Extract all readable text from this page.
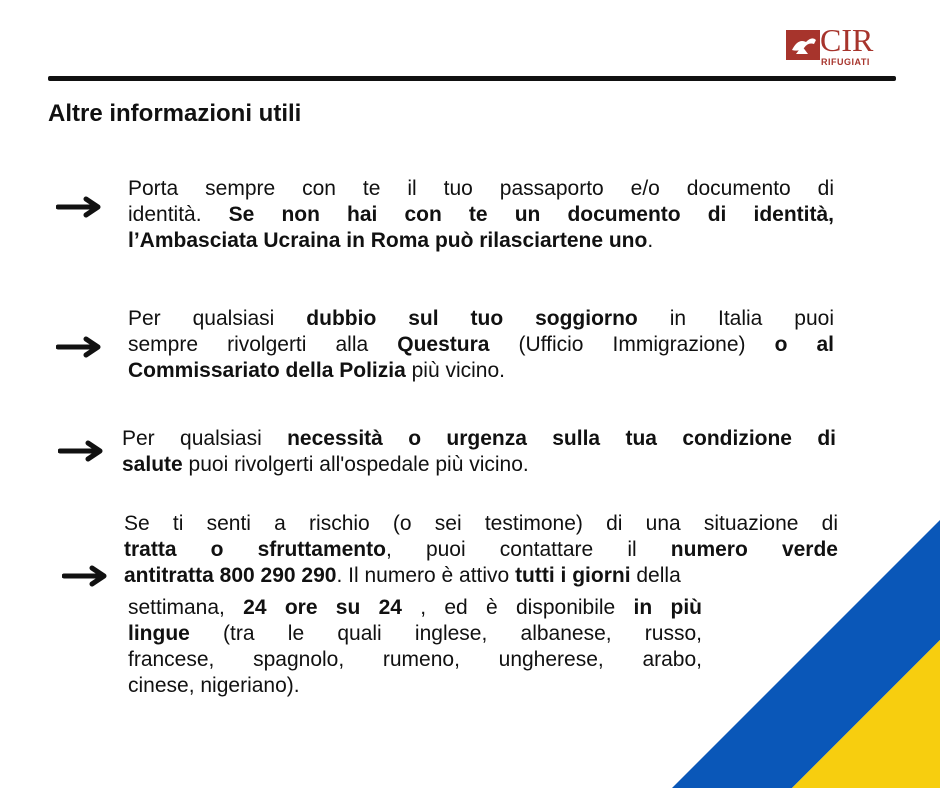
CIR
RIFUGIATI
Altre informazioni utili
Porta sempre con te il tuo passaporto e/o documento di
identità. Se non hai con te un documento di identità,
l’Ambasciata Ucraina in Roma può rilasciartene uno.
Per qualsiasi dubbio sul tuo soggiorno in Italia puoi
sempre rivolgerti alla Questura (Ufficio Immigrazione) o al
Commissariato della Polizia più vicino.
Per qualsiasi necessità o urgenza sulla tua condizione di
salute puoi rivolgerti all'ospedale più vicino.
Se ti senti a rischio (o sei testimone) di una situazione di
tratta o sfruttamento, puoi contattare il numero verde
antitratta 800 290 290. Il numero è attivo tutti i giorni della
settimana, 24 ore su 24 , ed è disponibile in più
lingue (tra le quali inglese, albanese, russo,
francese, spagnolo, rumeno, ungherese, arabo,
cinese, nigeriano).
